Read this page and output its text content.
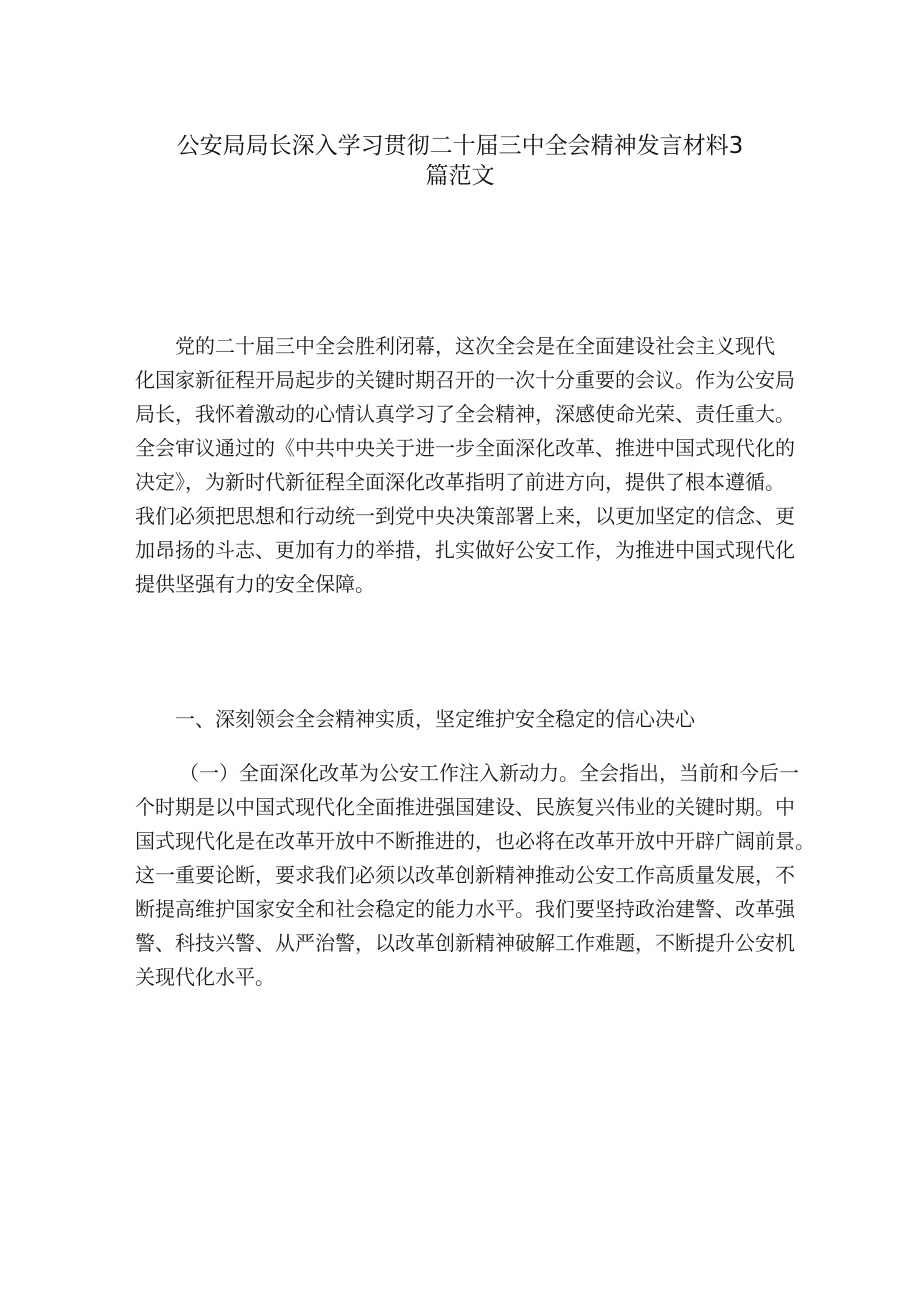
公安局局长深入学习贯彻二十届三中全会精神发言材料3
篇范文
党的二十届三中全会胜利闭幕，这次全会是在全面建设社会主义现代
化国家新征程开局起步的关键时期召开的一次十分重要的会议。作为公安局
局长，我怀着激动的心情认真学习了全会精神，深感使命光荣、责任重大。
全会审议通过的《中共中央关于进一步全面深化改革、推进中国式现代化的
决定》，为新时代新征程全面深化改革指明了前进方向，提供了根本遵循。
我们必须把思想和行动统一到党中央决策部署上来，以更加坚定的信念、更
加昂扬的斗志、更加有力的举措，扎实做好公安工作，为推进中国式现代化
提供坚强有力的安全保障。
一、深刻领会全会精神实质，坚定维护安全稳定的信心决心
（一）全面深化改革为公安工作注入新动力。全会指出，当前和今后一
个时期是以中国式现代化全面推进强国建设、民族复兴伟业的关键时期。中
国式现代化是在改革开放中不断推进的，也必将在改革开放中开辟广阔前景。
这一重要论断，要求我们必须以改革创新精神推动公安工作高质量发展，不
断提高维护国家安全和社会稳定的能力水平。我们要坚持政治建警、改革强
警、科技兴警、从严治警，以改革创新精神破解工作难题，不断提升公安机
关现代化水平。
